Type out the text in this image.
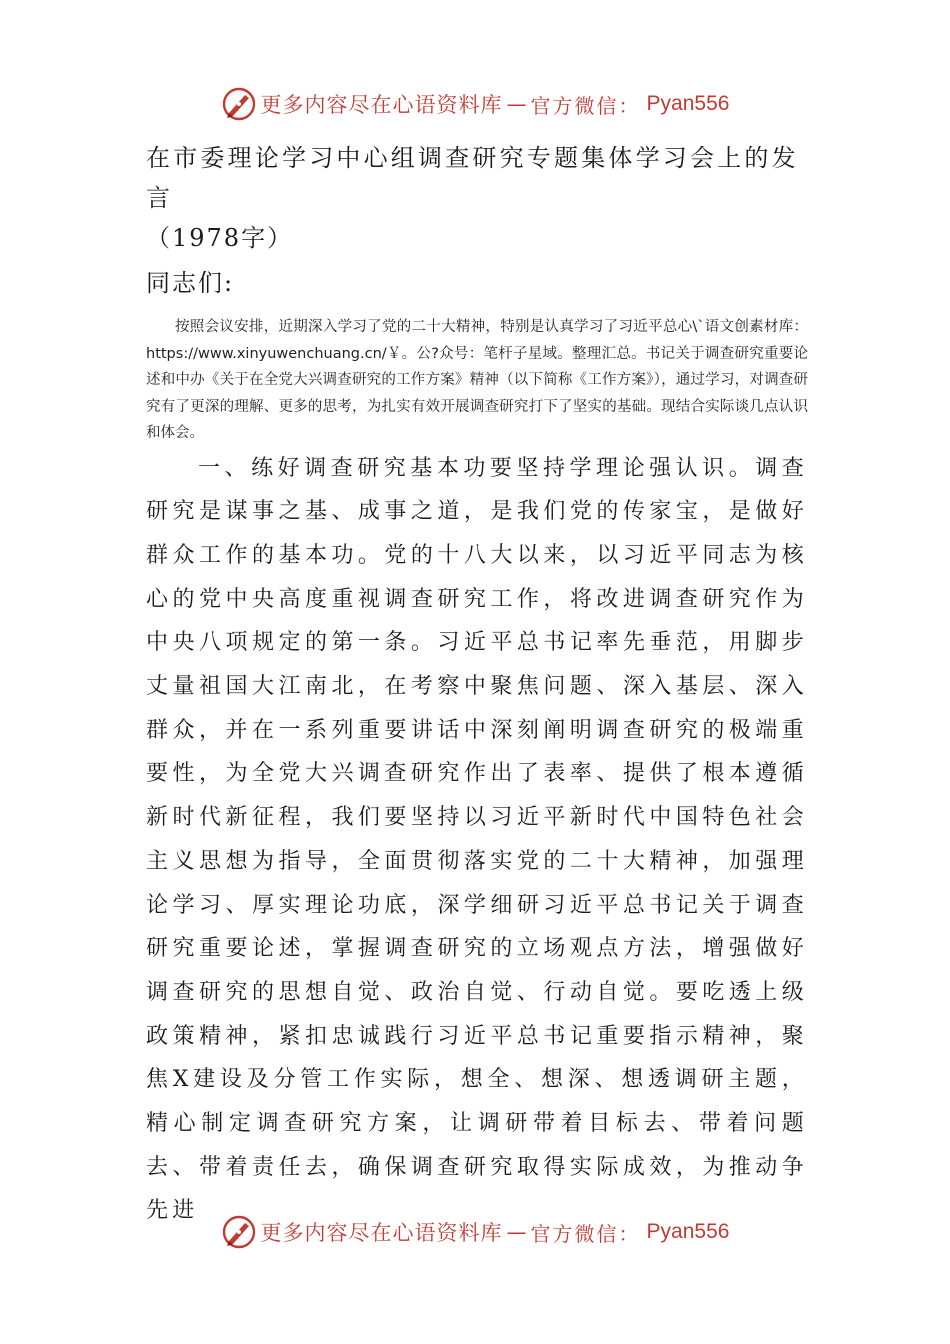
更多内容尽在心语资料库 — 官方微信： Pyan556
在市委理论学习中心组调查研究专题集体学习会上的发言

（1978字）

同志们:

按照会议安排，近期深入学习了党的二十大精神，特别是认真学习了习近平总心\`语文创素材库：https://www.xinyuwenchuang.cn/￥。公?众号：笔杆子星域。整理汇总。书记关于调查研究重要论述和中办《关于在全党大兴调查研究的工作方案》精神（以下简称《工作方案》），通过学习，对调查研究有了更深的理解、更多的思考，为扎实有效开展调查研究打下了坚实的基础。现结合实际谈几点认识和体会。

一、练好调查研究基本功要坚持学理论强认识。调查研究是谋事之基、成事之道，是我们党的传家宝，是做好群众工作的基本功。党的十八大以来，以习近平同志为核心的党中央高度重视调查研究工作，将改进调查研究作为中央八项规定的第一条。习近平总书记率先垂范，用脚步丈量祖国大江南北，在考察中聚焦问题、深入基层、深入群众，并在一系列重要讲话中深刻阐明调查研究的极端重要性，为全党大兴调查研究作出了表率、提供了根本遵循新时代新征程，我们要坚持以习近平新时代中国特色社会主义思想为指导，全面贯彻落实党的二十大精神，加强理论学习、厚实理论功底，深学细研习近平总书记关于调查研究重要论述，掌握调查研究的立场观点方法，增强做好调查研究的思想自觉、政治自觉、行动自觉。要吃透上级政策精神，紧扣忠诚践行习近平总书记重要指示精神，聚焦X建设及分管工作实际，想全、想深、想透调研主题，精心制定调查研究方案，让调研带着目标去、带着问题去、带着责任去，确保调查研究取得实际成效，为推动争先进

更多内容尽在心语资料库 — 官方微信： Pyan556
